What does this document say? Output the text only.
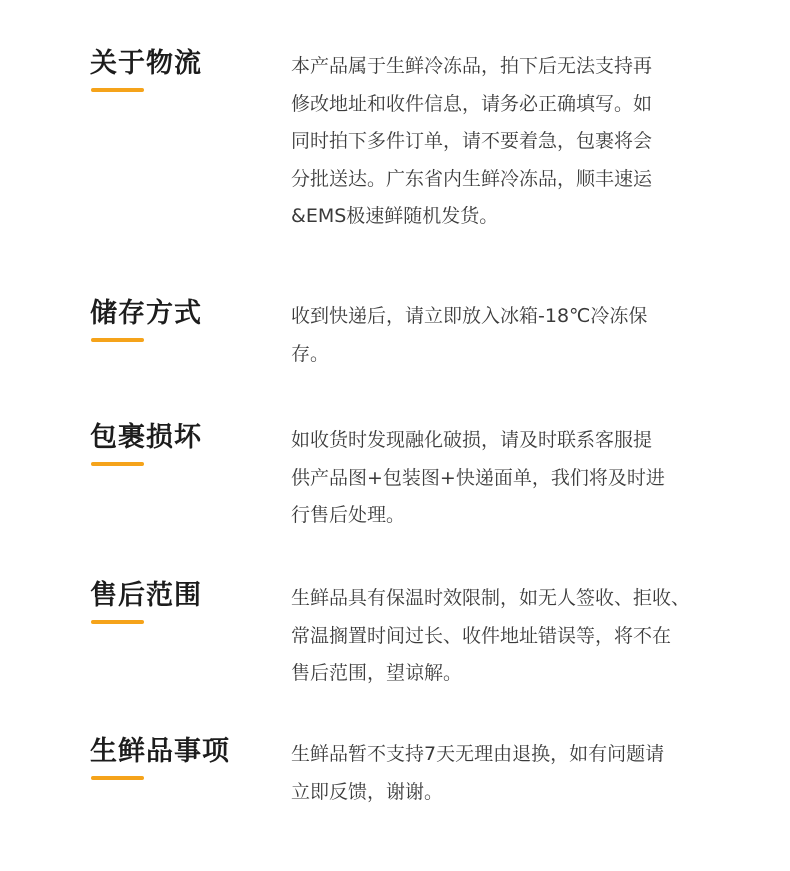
关于物流	本产品属于生鲜冷冻品，拍下后无法支持再
修改地址和收件信息，请务必正确填写。如
同时拍下多件订单，请不要着急，包裹将会
分批送达。广东省内生鲜冷冻品，顺丰速运
&EMS极速鲜随机发货。
储存方式	收到快递后，请立即放入冰箱-18℃冷冻保
存。
包裹损坏	如收货时发现融化破损，请及时联系客服提
供产品图+包装图+快递面单，我们将及时进
行售后处理。
售后范围	生鲜品具有保温时效限制，如无人签收、拒收、
常温搁置时间过长、收件地址错误等，将不在
售后范围，望谅解。
生鲜品事项	生鲜品暂不支持7天无理由退换，如有问题请
立即反馈，谢谢。
